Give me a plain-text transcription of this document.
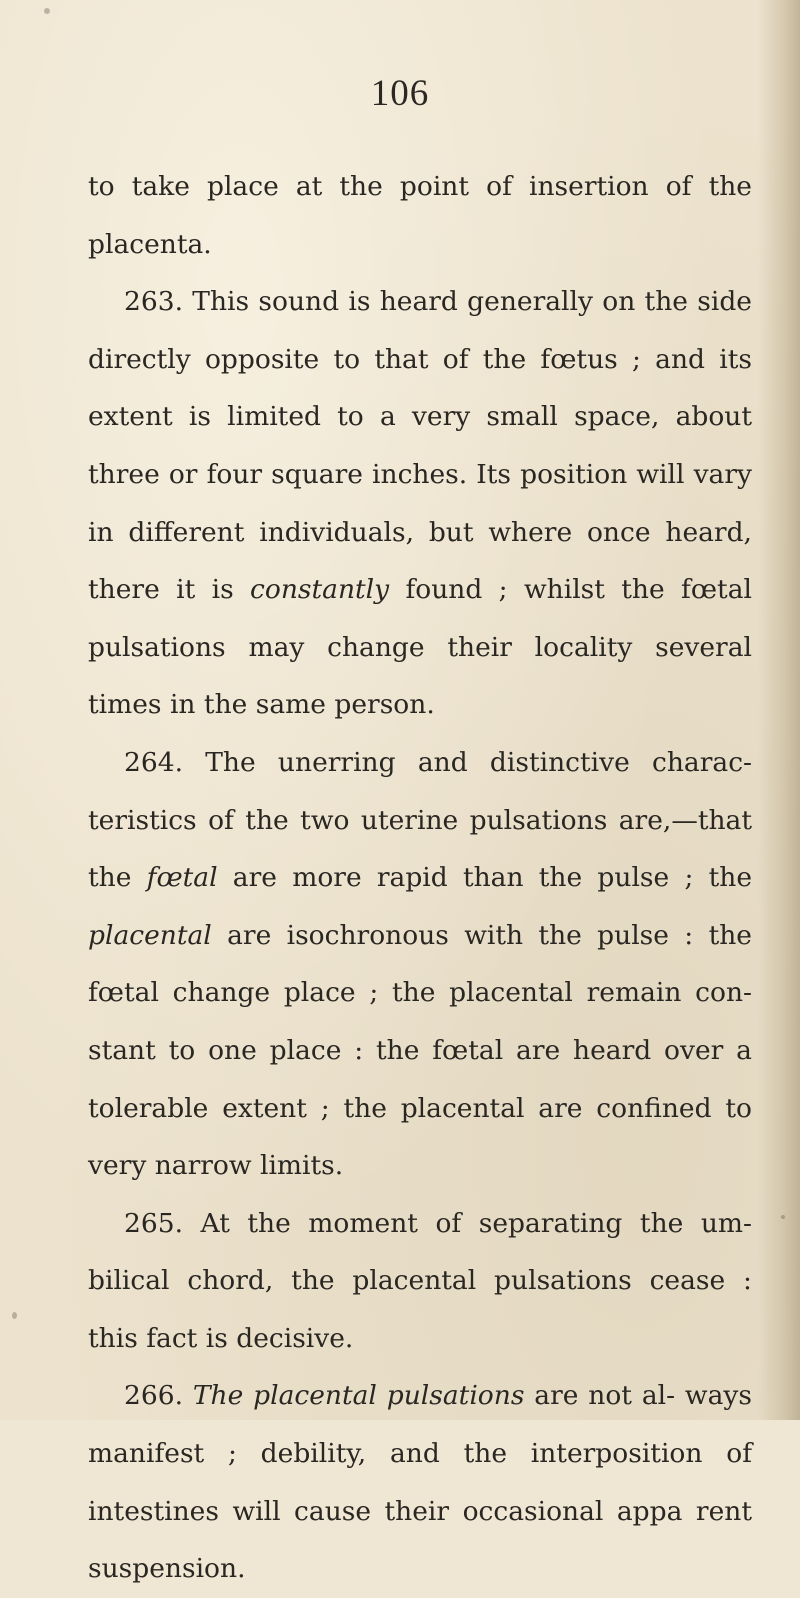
106

to take place at the point of insertion of the placenta.

263. This sound is heard generally on the side directly opposite to that of the fœtus ; and its extent is limited to a very small space, about three or four square inches. Its position will vary in different individuals, but where once heard, there it is constantly found ; whilst the fœtal pulsations may change their locality several times in the same person.

264. The unerring and distinctive charac- teristics of the two uterine pulsations are,—that the fœtal are more rapid than the pulse ; the placental are isochronous with the pulse : the fœtal change place ; the placental remain con- stant to one place : the fœtal are heard over a tolerable extent ; the placental are confined to very narrow limits.

265. At the moment of separating the um- bilical chord, the placental pulsations cease : this fact is decisive.

266. The placental pulsations are not al- ways manifest ; debility, and the interposition of intestines will cause their occasional appa rent suspension.
